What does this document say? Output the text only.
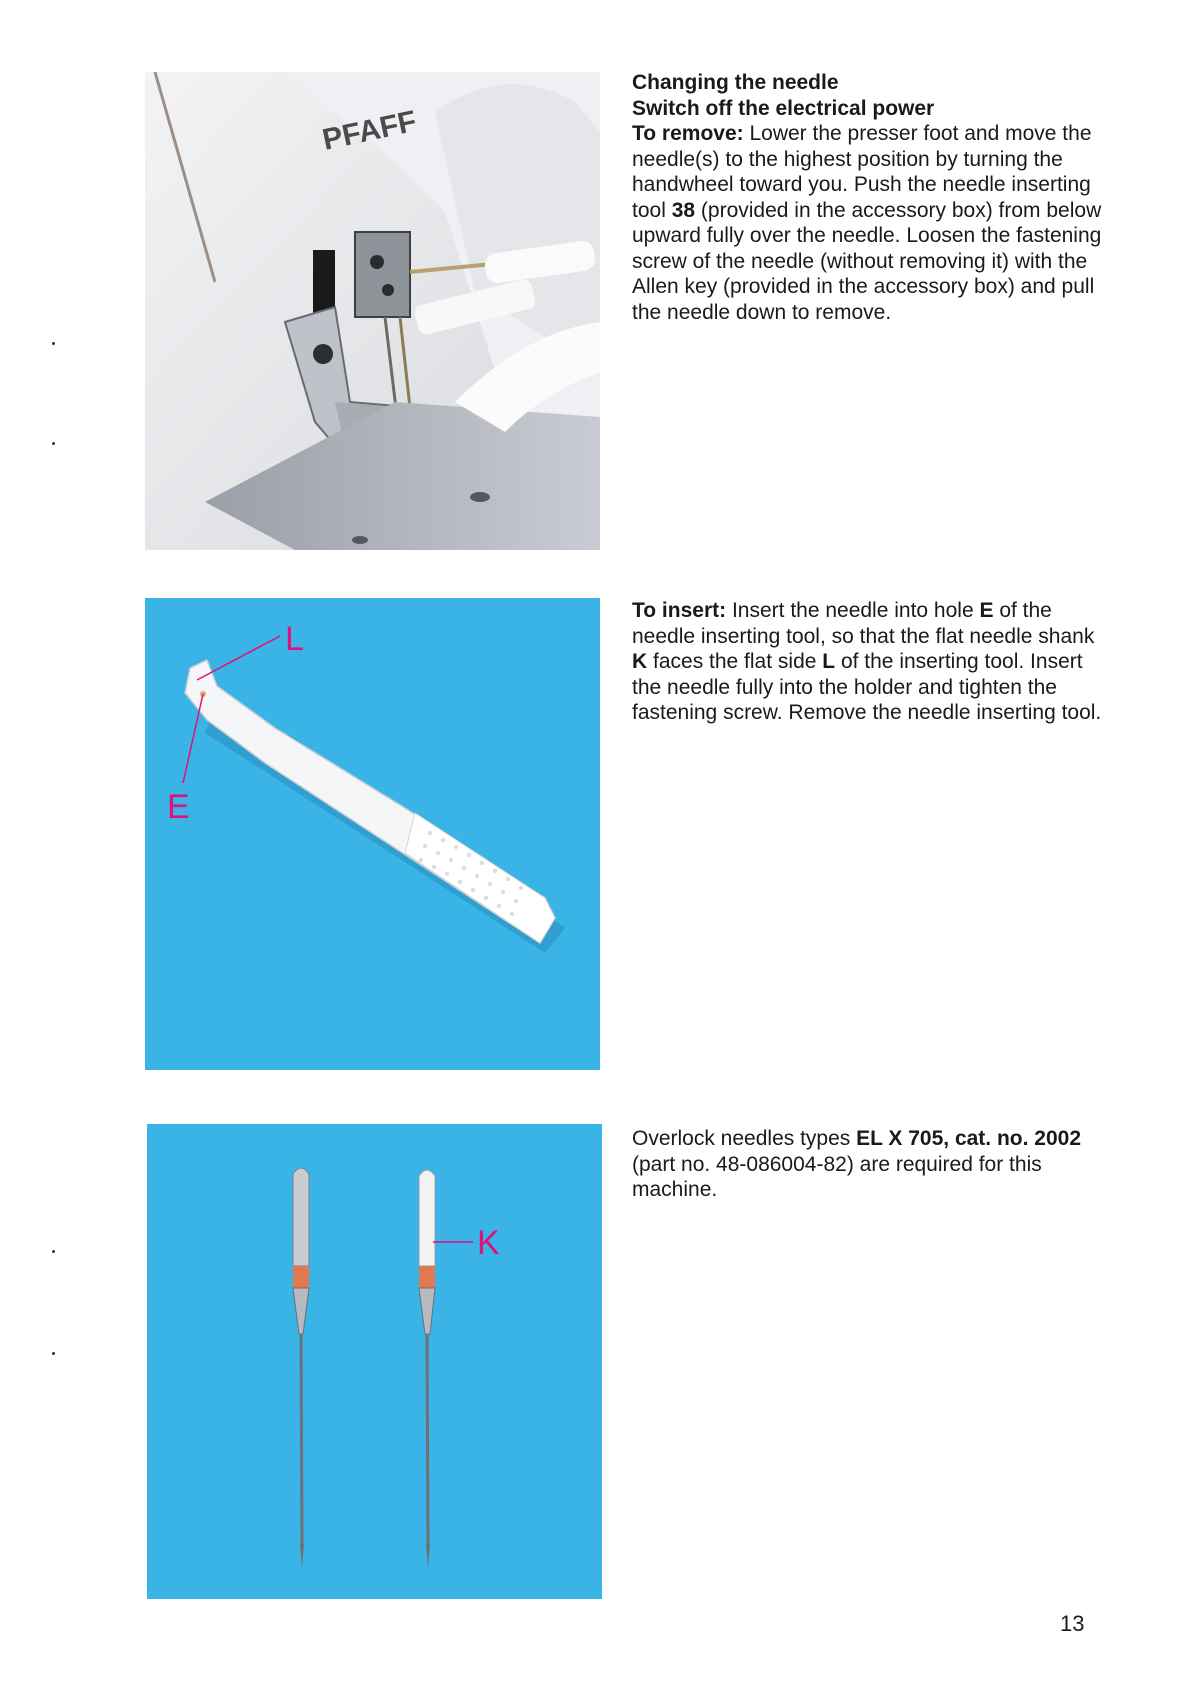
PFAFF

Changing the needle

Switch off the electrical power

To remove: Lower the presser foot and move the needle(s) to the highest position by turning the handwheel toward you. Push the needle inserting tool 38 (provided in the accessory box) from below upward fully over the needle. Loosen the fastening screw of the needle (without removing it) with the Allen key (provided in the accessory box) and pull the needle down to remove.

L
E

To insert: Insert the needle into hole E of the needle inserting tool, so that the flat needle shank K faces the flat side L of the inserting tool. Insert the needle fully into the holder and tighten the fastening screw. Remove the needle inserting tool.

K

Overlock needles types EL X 705, cat. no. 2002 (part no. 48-086004-82) are required for this machine.

13
